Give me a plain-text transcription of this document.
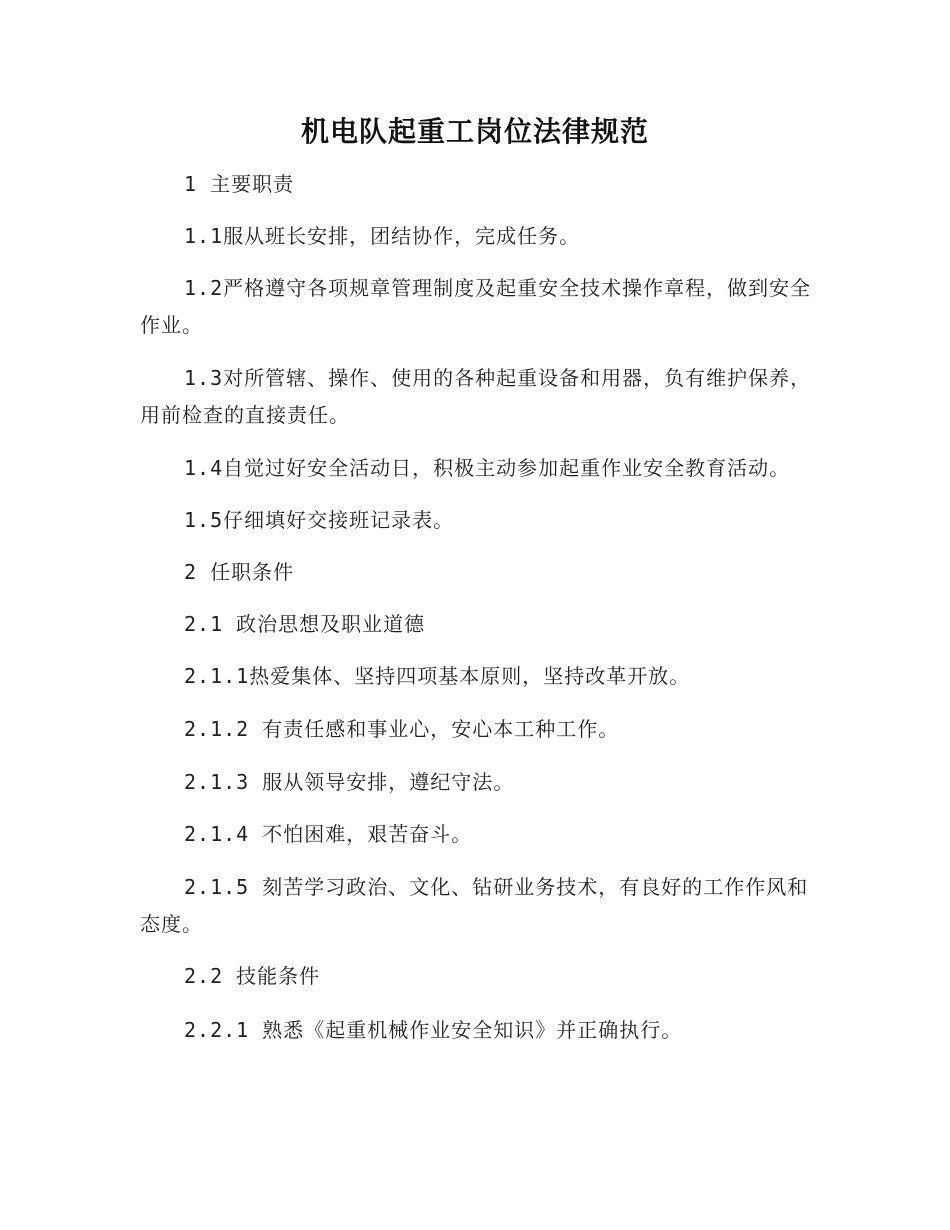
机电队起重工岗位法律规范
1 主要职责
1.1服从班长安排，团结协作，完成任务。
1.2严格遵守各项规章管理制度及起重安全技术操作章程，做到安全作业。
1.3对所管辖、操作、使用的各种起重设备和用器，负有维护保养，用前检查的直接责任。
1.4自觉过好安全活动日，积极主动参加起重作业安全教育活动。
1.5仔细填好交接班记录表。
2 任职条件
2.1 政治思想及职业道德
2.1.1热爱集体、坚持四项基本原则，坚持改革开放。
2.1.2 有责任感和事业心，安心本工种工作。
2.1.3 服从领导安排，遵纪守法。
2.1.4 不怕困难，艰苦奋斗。
2.1.5 刻苦学习政治、文化、钻研业务技术，有良好的工作作风和态度。
2.2 技能条件
2.2.1 熟悉《起重机械作业安全知识》并正确执行。
